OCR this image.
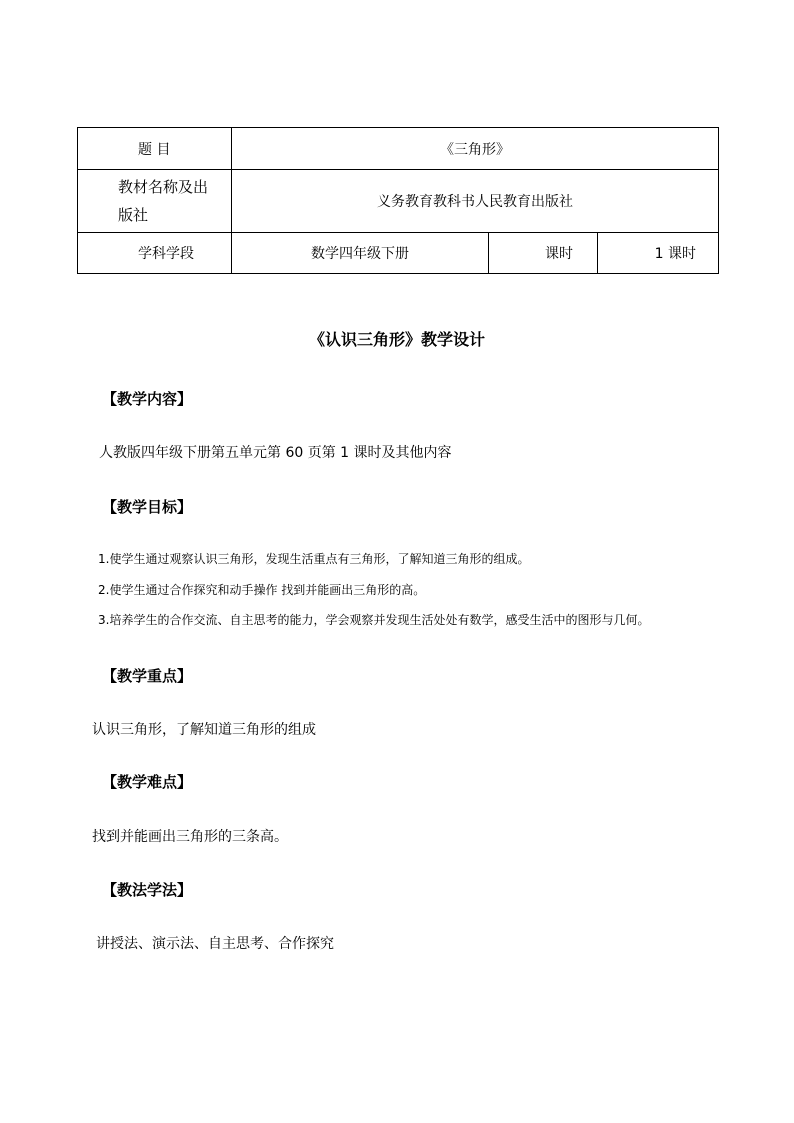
题 目	《三角形》		

教材名称及出
版社	义务教育教科书人民教育出版社		
学科学段	数学四年级下册	课时	1 课时
《认识三角形》教学设计
【教学内容】
人教版四年级下册第五单元第 60 页第 1 课时及其他内容
【教学目标】
1.使学生通过观察认识三角形，发现生活重点有三角形，了解知道三角形的组成。
2.使学生通过合作探究和动手操作 找到并能画出三角形的高。
3.培养学生的合作交流、自主思考的能力，学会观察并发现生活处处有数学，感受生活中的图形与几何。
【教学重点】
认识三角形，了解知道三角形的组成
【教学难点】
找到并能画出三角形的三条高。
【教法学法】
讲授法、演示法、自主思考、合作探究
